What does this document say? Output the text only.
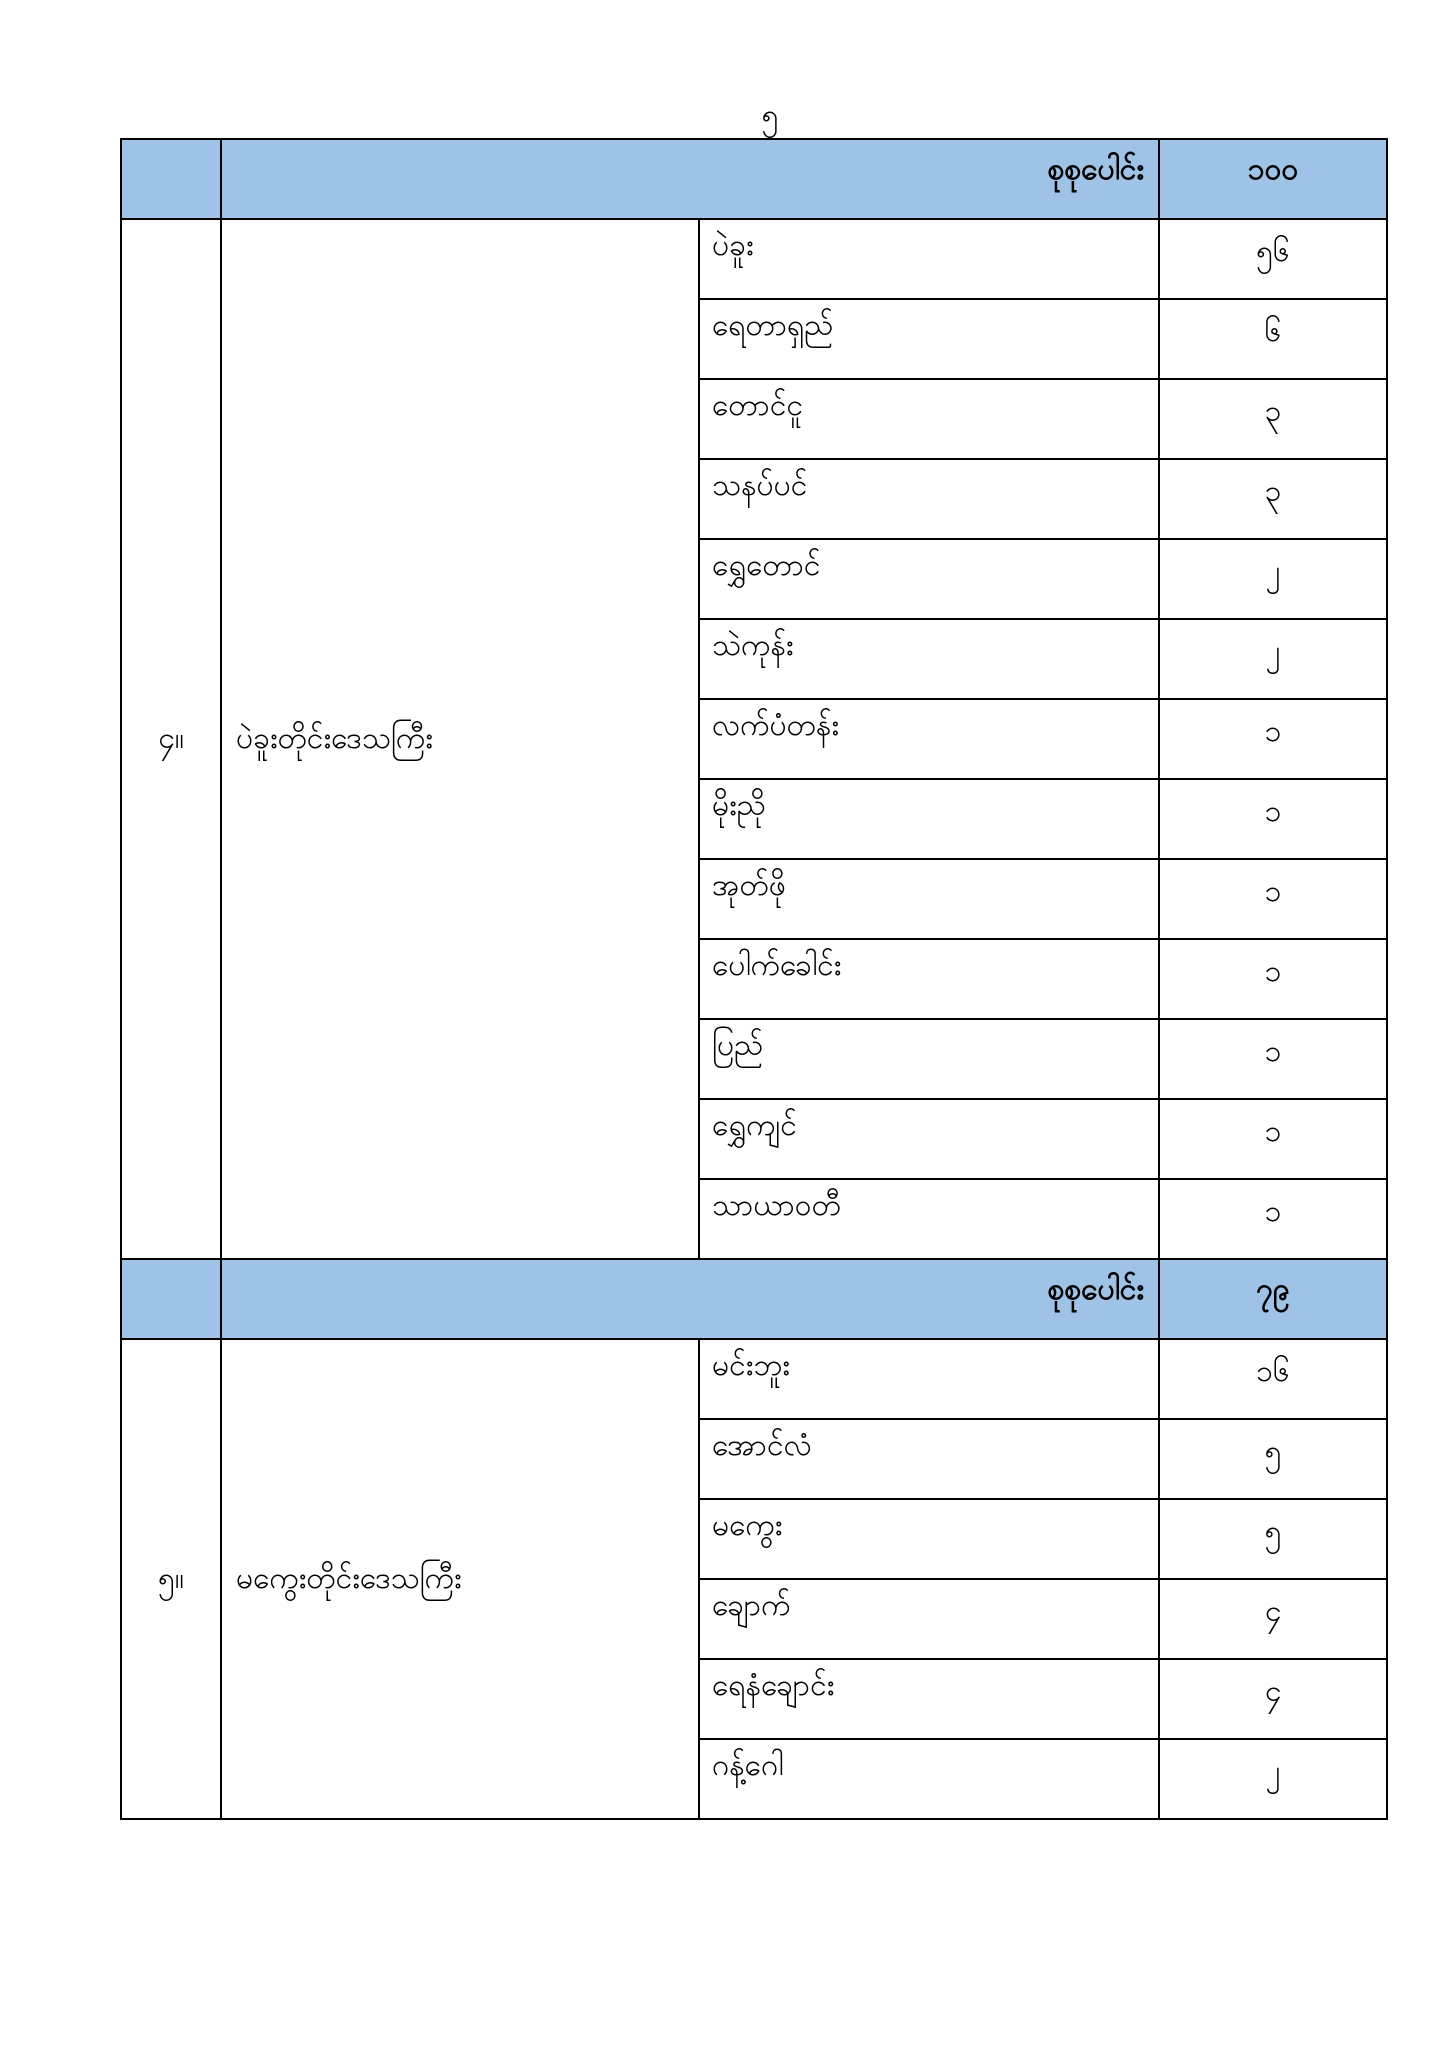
၅
	စုစုပေါင်း		၁၀၀
၄။	ပဲခူးတိုင်းဒေသကြီး	ပဲခူး	၅၆
		ရေတာရှည်	၆
		တောင်ငူ	၃
		သနပ်ပင်	၃
		ရွှေတောင်	၂
		သဲကုန်း	၂
		လက်ပံတန်း	၁
		မိုးညို	၁
		အုတ်ဖို	၁
		ပေါက်ခေါင်း	၁
		ပြည်	၁
		ရွှေကျင်	၁
		သာယာဝတီ	၁
	စုစုပေါင်း		၇၉
၅။	မကွေးတိုင်းဒေသကြီး	မင်းဘူး	၁၆
		အောင်လံ	၅
		မကွေး	၅
		ချောက်	၄
		ရေနံချောင်း	၄
		ဂန့်ဂေါ	၂
